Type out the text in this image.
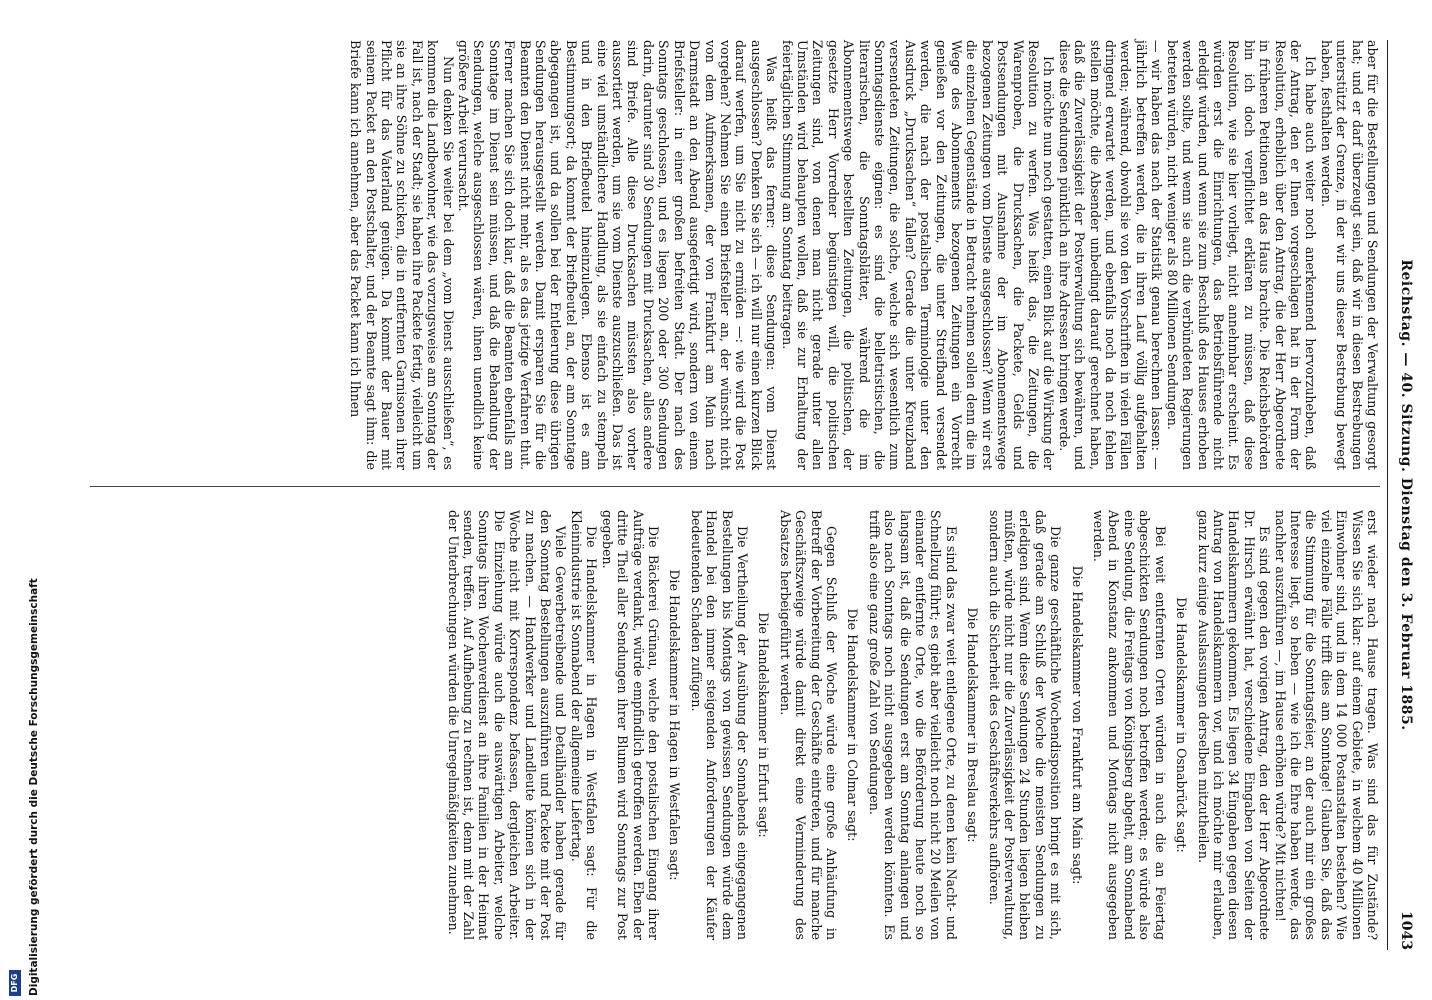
Reichstag. — 40. Sitzung. Dienstag den 3. Februar 1885.
1043

aber für die Bestellungen und Sendungen der Verwaltung gesorgt hat; und er darf überzeugt sein, daß wir in diesen Bestrebungen unterstützt der Grenze, in der wir uns dieser Bestrebung bewegt haben, festhalten werden.

Ich habe auch weiter noch anerkennend hervorzuheben, daß der Antrag, den er Ihnen vorgeschlagen hat in der Form der Resolution, erheblich über den Antrag, die der Herr Abgeordnete in früheren Petitionen an das Haus brachte. Die Reichsbehörden bin ich doch verpflichtet erklären zu müssen, daß diese Resolution, wie sie hier vorliegt, nicht annehmbar erscheint. Es würden erst die Einrichtungen, das Betriebsführende nicht erledigt würden, und wenn sie zum Beschluß des Hauses erhoben werden sollte, und wenn sie auch die verbündeten Regierungen betreten würden, nicht weniger als 80 Millionen Sendungen.

— wir haben das nach der Statistik genau berechnen lassen: — jährlich betreffen werden, die in ihren Lauf völlig aufgehalten werden; während, obwohl sie von den Vorschriften in vielen Fällen dringend erwartet werden, und ebenfalls noch da noch fehlen stellen möchte, die Absender unbedingt darauf gerechnet haben, daß die Zuverlässigkeit der Postverwaltung sich bewähren, und diese die Sendungen pünktlich an ihre Adressen bringen werde.

Ich möchte nun noch gestatten, einen Blick auf die Wirkung der Resolution zu werfen. Was heißt das, die Zeitungen, die Warenproben, die Drucksachen, die Packete, Gelds und Postsendungen mit Ausnahme der im Abonnementswege bezogenen Zeitungen vom Dienste ausgeschlossen? Wenn wir erst die einzelnen Gegenstände in Betracht nehmen sollen denn die im Wege des Abonnements bezogenen Zeitungen ein Vorrecht genießen vor den Zeitungen, die unter Streifband versendet werden, die nach der postalischen Terminologie unter den Ausdruck „Drucksachen“ fallen? Gerade die unter Kreuzband versendeten Zeitungen, die solche, welche sich wesentlich zum Sonntagsdienste eignen: es sind die belletristischen, die literarischen, die Sonntagsblätter, während die im Abonnementswege bestellten Zeitungen, die politischen, der gesetzte Herr Vorredner begünstigen will, die politischen Zeitungen sind, von denen man nicht gerade unter allen Umständen wird behaupten wollen, daß sie zur Erhaltung der feiertäglichen Stimmung am Sonntag beitragen.

Was heißt das ferner: diese Sendungen: vom Dienst ausgeschlossen? Denken Sie sich — ich will nur einen kurzen Blick darauf werfen, um Sie nicht zu ermüden —: wie wird die Post vorgehen? Nehmen Sie einen Briefsteller an, der wünscht nicht von dem Aufmerksamen, der von Frankfurt am Main nach Darmstadt an den Abend ausgefertigt wird, sondern von einem Briefsteller: in einer großen befreiten Stadt. Der nach des Sonntags geschlossen, und es liegen 200 oder 300 Sendungen darin, darunter sind 30 Sendungen mit Drucksachen, alles andere sind Briefe. Alle diese Drucksachen müssten also vorher aussortiert werden, um sie vom Dienste auszuschließen. Das ist eine viel umständlichere Handlung, als sie einfach zu stempeln und in den Briefbeutel hineinzulegen. Ebenso ist es am Bestimmungsort; da kommt der Briefbeutel an, der am Sonntage abgegangen ist, und da sollen bei der Entleerung diese übrigen Sendungen herausgestellt werden. Damit ersparen Sie für die Beamten den Dienst nicht mehr, als es das jetzige Verfahren thut. Ferner machen Sie sich doch klar, daß die Beamten ebenfalls am Sonntage im Dienst sein müssen, und daß die Behandlung der Sendungen, welche ausgeschlossen wären, ihnen unendlich keine größere Arbeit verursacht.

Nun denken Sie weiter bei dem „vom Dienst ausschließen“, es kommen die Landbewohner, wie das vorzugsweise am Sonntag der Fall ist, nach der Stadt; sie haben ihre Packete fertig, vielleicht um sie an ihre Söhne zu schicken, die in entfernten Garnisonen ihrer Pflicht für das Vaterland genügen. Da kommt der Bauer mit seinem Packet an den Postschalter, und der Beamte sagt ihm: die Briefe kann ich annehmen, aber das Packet kann ich Ihnen

erst wieder nach Hause tragen. Was sind das für Zustände? Wissen Sie sich klar: auf einem Gebiete, in welchem 40 Millionen Einwohner sind, und in dem 14 000 Postanstalten bestehen? Wie viel einzelne Fälle trifft dies am Sonntage! Glauben Sie, daß das die Stimmung für die Sonntagsfeier, an der auch mir ein großes Interesse liegt, so heben — wie ich die Ehre haben werde, das nachher auszuführen —, im Hause erhöhen würde? Mit nichten!

Es sind gegen den vorigen Antrag, den der Herr Abgeordnete Dr. Hirsch erwähnt hat, verschiedene Eingaben von Seiten der Handelskammern gekommen. Es liegen 34 Eingaben gegen diesen Antrag von Handelskammern vor, und ich möchte mir erlauben, ganz kurz einige Auslassungen derselben mitzutheilen.

Die Handelskammer in Osnabrück sagt:

Bei weit entfernten Orten würden in auch die an Feiertag abgeschickten Sendungen noch betroffen werden; es würde also eine Sendung, die Freitags von Königsberg abgeht, am Sonnabend Abend in Konstanz ankommen und Montags nicht ausgegeben werden.

Die Handelskammer von Frankfurt am Main sagt:

Die ganze geschäftliche Wochendisposition bringt es mit sich, daß gerade am Schluß der Woche die meisten Sendungen zu erledigen sind. Wenn diese Sendungen 24 Stunden liegen bleiben müßten, würde nicht nur die Zuverlässigkeit der Postverwaltung, sondern auch die Sicherheit des Geschäftsverkehrs aufhören.

Die Handelskammer in Breslau sagt:

Es sind das zwar weit entlegene Orte, zu denen kein Nacht- und Schnellzug führt; es giebt aber vielleicht noch nicht 20 Meilen von einander entfernte Orte, wo die Beförderung heute noch so langsam ist, daß die Sendungen erst am Sonntag anlangen und also nach Sonntags noch nicht ausgegeben werden könnten. Es trifft also eine ganz große Zahl von Sendungen.

Die Handelskammer in Colmar sagt:

Gegen Schluß der Woche würde eine große Anhäufung in Betreff der Vorbereitung der Geschäfte eintreten, und für manche Geschäftszweige würde damit direkt eine Verminderung des Absatzes herbeigeführt werden.

Die Handelskammer in Erfurt sagt:

Die Vertheilung der Ausübung der Sonnabends eingegangenen Bestellungen bis Montags von gewissen Sendungen würde dem Handel bei den immer steigenden Anforderungen der Käufer bedeutenden Schaden zufügen.

Die Handelskammer in Hagen in Westfalen sagt:

Die Bäckerei Grünau, welche den postalischen Eingang ihrer Aufträge verdankt, würde empfindlich getroffen werden. Eben der dritte Theil aller Sendungen ihrer Blumen wird Sonntags zur Post gegeben.

Die Handelskammer in Hagen in Westfalen sagt: Für die Kleinindustrie ist Sonnabend der allgemeine Liefertag.

Viele Gewerbetreibende und Detailhändler haben gerade für den Sonntag Bestellungen auszuführen und Packete mit der Post zu machen. — Handwerker und Landleute können sich in der Woche nicht mit Korrespondenz befassen, dergleichen Arbeiter. Die Einziehung würde auch die auswärtigen Arbeiter, welche Sonntags ihren Wochenverdienst an ihre Familien in der Heimat senden, treffen. Auf Aufhebung zu rechnen ist, denn mit der Zahl der Unterbrechungen würden die Unregelmäßigkeiten zunehmen.

DFG Digitalisierung gefördert durch die Deutsche Forschungsgemeinschaft
